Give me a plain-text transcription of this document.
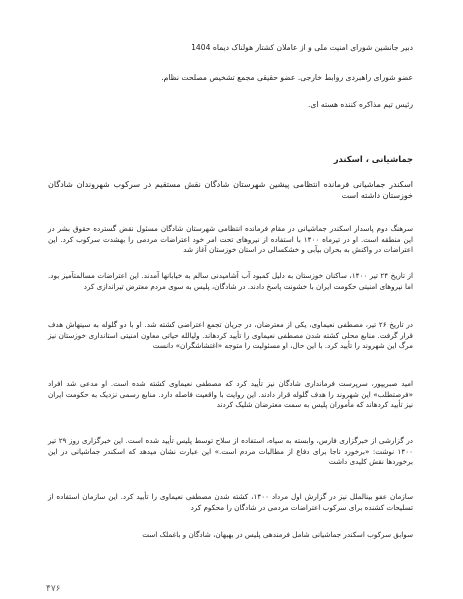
دبیر جانشین شورای امنیت ملی و از عاملان کشتار هولناک دیماه 1404
عضو شورای راهبردی روابط خارجی. عضو حقیقی مجمع تشخیص مصلحت نظام.
رئیس تیم مذاکره کننده هسته ای.
جماشیانی ، اسکندر
اسکندر جماشیانی فرمانده انتظامی پیشین شهرستان شادگان نقش مستقیم در سرکوب شهروندان شادگان خوزستان داشته است
سرهنگ دوم پاسدار اسکندر جماشیانی در مقام فرمانده انتظامی شهرستان شادگان مسئول نقض گسترده حقوق بشر در این منطقه است. او در تیرماه ۱۴۰۰ با استفاده از نیروهای تحت امر خود اعتراضات مردمی را بهشدت سرکوب کرد. این اعتراضات در واکنش به بحران بیآبی و خشکسالی در استان خوزستان آغاز شد
از تاریخ ۲۴ تیر ۱۴۰۰، ساکنان خوزستان به دلیل کمبود آب آشامیدنی سالم به خیابانها آمدند. این اعتراضات مسالمتآمیز بود. اما نیروهای امنیتی حکومت ایران با خشونت پاسخ دادند. در شادگان، پلیس به سوی مردم معترض تیراندازی کرد
در تاریخ ۲۶ تیر، مصطفی نعیماوی، یکی از معترضان، در جریان تجمع اعتراضی کشته شد. او با دو گلوله به سینهاش هدف قرار گرفت. منابع محلی کشته شدن مصطفی نعیماوی را تأیید کردهاند. ولیالله حیاتی معاون امنیتی استانداری خوزستان نیز مرگ این شهروند را تأیید کرد. با این حال، او مسئولیت را متوجه «اغتشاشگران» دانست
امید صبریپور، سرپرست فرمانداری شادگان نیز تأیید کرد که مصطفی نعیماوی کشته شده است. او مدعی شد افراد «فرصتطلب» این شهروند را هدف گلوله قرار دادند. این روایت با واقعیت فاصله دارد. منابع رسمی نزدیک به حکومت ایران نیز تأیید کردهاند که مأموران پلیس به سمت معترضان شلیک کردند
در گزارشی از خبرگزاری فارس، وابسته به سپاه، استفاده از سلاح توسط پلیس تأیید شده است. این خبرگزاری روز ۲۹ تیر ۱۴۰۰ نوشت: «برخورد ناجا برای دفاع از مطالبات مردم است.» این عبارت نشان میدهد که اسکندر جماشیانی در این برخوردها نقش کلیدی داشت
سازمان عفو بینالملل نیز در گزارش اول مرداد ۱۴۰۰، کشته شدن مصطفی نعیماوی را تأیید کرد. این سازمان استفاده از تسلیحات کشنده برای سرکوب اعتراضات مردمی در شادگان را محکوم کرد
سوابق سرکوب اسکندر جماشیانی شامل فرمندهی پلیس در بهبهان، شادگان و باغملک است
۴۷۶
